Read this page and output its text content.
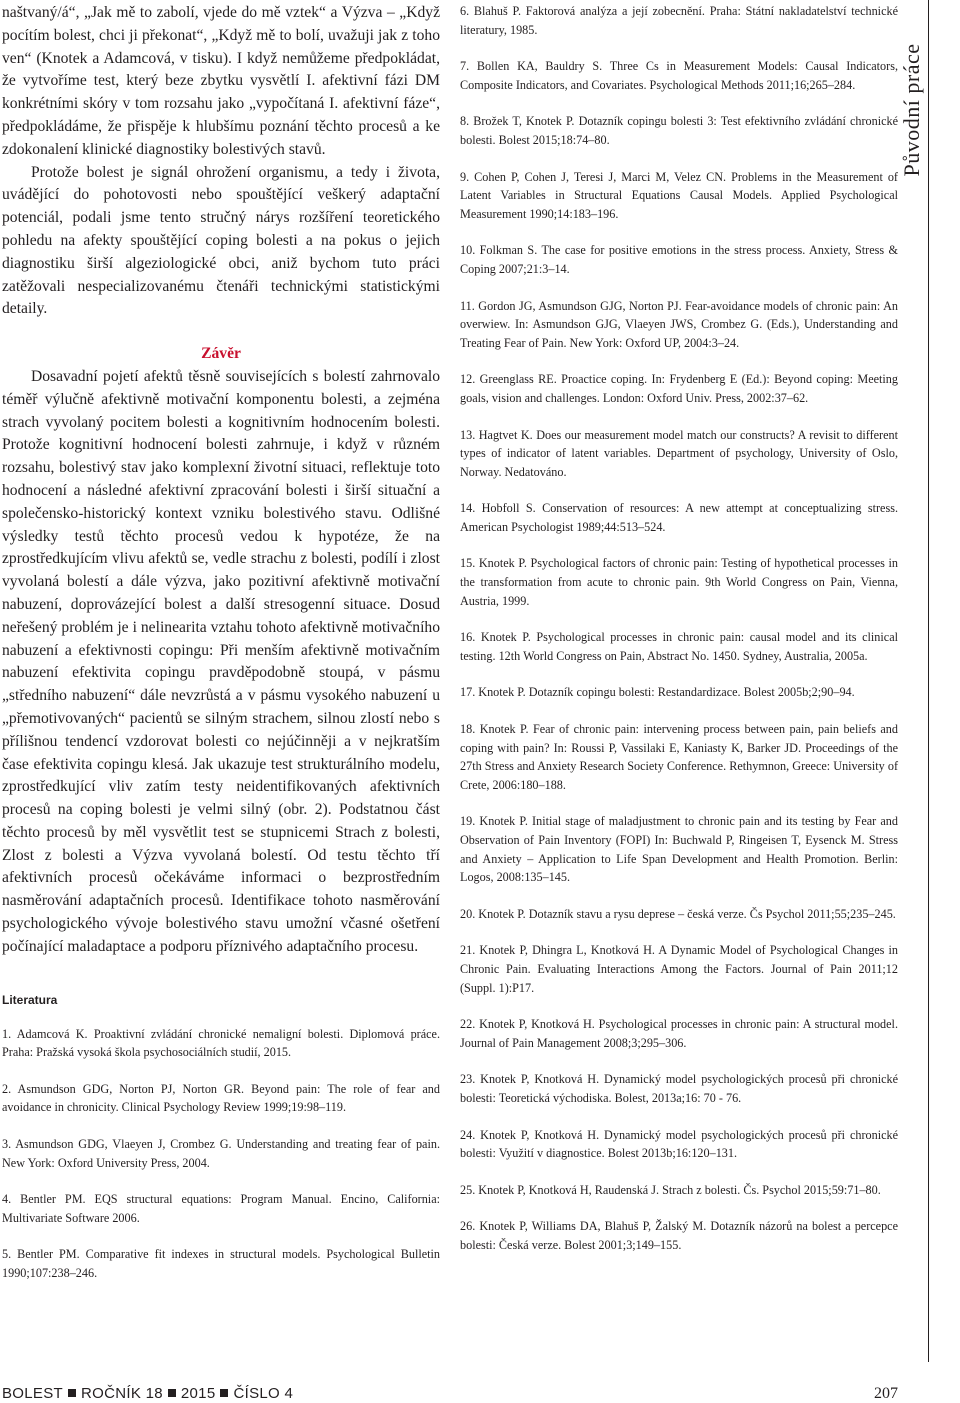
naštvaný/á“, „Jak mě to zabolí, vjede do mě vztek“ a Výzva – „Když pocítím bolest, chci ji překonat“, „Když mě to bolí, uvažuji jak z toho ven“ (Knotek a Adamcová, v tisku). I když nemůžeme předpokládat, že vytvoříme test, který beze zbytku vysvětlí I. afektivní fázi DM konkrétními skóry v tom rozsahu jako „vypočítaná I. afektivní fáze“, předpokládáme, že přispěje k hlubšímu poznání těchto procesů a ke zdokonalení klinické diagnostiky bolestivých stavů.

Protože bolest je signál ohrožení organismu, a tedy i života, uvádějící do pohotovosti nebo spouštějící veškerý adaptační potenciál, podali jsme tento stručný nárys rozšíření teoretického pohledu na afekty spouštějící coping bolesti a na pokus o jejich diagnostiku širší algeziologické obci, aniž bychom tuto práci zatěžovali nespecializovanému čtenáři technickými statistickými detaily.

Závěr

Dosavadní pojetí afektů těsně souvisejících s bolestí zahrnovalo téměř výlučně afektivně motivační komponentu bolesti, a zejména strach vyvolaný pocitem bolesti a kognitivním hodnocením bolesti. Protože kognitivní hodnocení bolesti zahrnuje, i když v různém rozsahu, bolestivý stav jako komplexní životní situaci, reflektuje toto hodnocení a následné afektivní zpracování bolesti i širší situační a společensko-historický kontext vzniku bolestivého stavu. Odlišné výsledky testů těchto procesů vedou k hypotéze, že na zprostředkujícím vlivu afektů se, vedle strachu z bolesti, podílí i zlost vyvolaná bolestí a dále výzva, jako pozitivní afektivně motivační nabuzení, doprovázející bolest a další stresogenní situace. Dosud neřešený problém je i nelinearita vztahu tohoto afektivně motivačního nabuzení a efektivnosti copingu: Při menším afektivně motivačním nabuzení efektivita copingu pravděpodobně stoupá, v pásmu „středního nabuzení“ dále nevzrůstá a v pásmu vysokého nabuzení u „přemotivovaných“ pacientů se silným strachem, silnou zlostí nebo s přílišnou tendencí vzdorovat bolesti co nejúčinněji a v nejkratším čase efektivita copingu klesá. Jak ukazuje test strukturálního modelu, zprostředkující vliv zatím testy neidentifikovaných afektivních procesů na coping bolesti je velmi silný (obr. 2). Podstatnou část těchto procesů by měl vysvětlit test se stupnicemi Strach z bolesti, Zlost z bolesti a Výzva vyvolaná bolestí. Od testu těchto tří afektivních procesů očekáváme informaci o bezprostředním nasměrování adaptačních procesů. Identifikace tohoto nasměrování psychologického vývoje bolestivého stavu umožní včasné ošetření počínající maladaptace a podporu příznivého adaptačního procesu.

Literatura

1. Adamcová K. Proaktivní zvládání chronické nemaligní bolesti. Diplomová práce. Praha: Pražská vysoká škola psychosociálních studií, 2015.

2. Asmundson GDG, Norton PJ, Norton GR. Beyond pain: The role of fear and avoidance in chronicity. Clinical Psychology Review 1999;19:98–119.

3. Asmundson GDG, Vlaeyen J, Crombez G. Understanding and treating fear of pain. New York: Oxford University Press, 2004.

4. Bentler PM. EQS structural equations: Program Manual. Encino, California: Multivariate Software 2006.

5. Bentler PM. Comparative fit indexes in structural models. Psychological Bulletin 1990;107:238–246.

6. Blahuš P. Faktorová analýza a její zobecnění. Praha: Státní nakladatelství technické literatury, 1985.

7. Bollen KA, Bauldry S. Three Cs in Measurement Models: Causal Indicators, Composite Indicators, and Covariates. Psychological Methods 2011;16;265–284.

8. Brožek T, Knotek P. Dotazník copingu bolesti 3: Test efektivního zvládání chronické bolesti. Bolest 2015;18:74–80.

9. Cohen P, Cohen J, Teresi J, Marci M, Velez CN. Problems in the Measurement of Latent Variables in Structural Equations Causal Models. Applied Psychological Measurement 1990;14:183–196.

10. Folkman S. The case for positive emotions in the stress process. Anxiety, Stress & Coping 2007;21:3–14.

11. Gordon JG, Asmundson GJG, Norton PJ. Fear-avoidance models of chronic pain: An overwiew. In: Asmundson GJG, Vlaeyen JWS, Crombez G. (Eds.), Understanding and Treating Fear of Pain. New York: Oxford UP, 2004:3–24.

12. Greenglass RE. Proactice coping. In: Frydenberg E (Ed.): Beyond coping: Meeting goals, vision and challenges. London: Oxford Univ. Press, 2002:37–62.

13. Hagtvet K. Does our measurement model match our constructs? A revisit to different types of indicator of latent variables. Department of psychology, University of Oslo, Norway. Nedatováno.

14. Hobfoll S. Conservation of resources: A new attempt at conceptualizing stress. American Psychologist 1989;44:513–524.

15. Knotek P. Psychological factors of chronic pain: Testing of hypothetical processes in the transformation from acute to chronic pain. 9th World Congress on Pain, Vienna, Austria, 1999.

16. Knotek P. Psychological processes in chronic pain: causal model and its clinical testing. 12th World Congress on Pain, Abstract No. 1450. Sydney, Australia, 2005a.

17. Knotek P. Dotazník copingu bolesti: Restandardizace. Bolest 2005b;2;90–94.

18. Knotek P. Fear of chronic pain: intervening process between pain, pain beliefs and coping with pain? In: Roussi P, Vassilaki E, Kaniasty K, Barker JD. Proceedings of the 27th Stress and Anxiety Research Society Conference. Rethymnon, Greece: University of Crete, 2006:180–188.

19. Knotek P. Initial stage of maladjustment to chronic pain and its testing by Fear and Observation of Pain Inventory (FOPI) In: Buchwald P, Ringeisen T, Eysenck M. Stress and Anxiety – Application to Life Span Development and Health Promotion. Berlin: Logos, 2008:135–145.

20. Knotek P. Dotazník stavu a rysu deprese – česká verze. Čs Psychol 2011;55;235–245.

21. Knotek P, Dhingra L, Knotková H. A Dynamic Model of Psychological Changes in Chronic Pain. Evaluating Interactions Among the Factors. Journal of Pain 2011;12 (Suppl. 1):P17.

22. Knotek P, Knotková H. Psychological processes in chronic pain: A structural model. Journal of Pain Management 2008;3;295–306.

23. Knotek P, Knotková H. Dynamický model psychologických procesů při chronické bolesti: Teoretická východiska. Bolest, 2013a;16: 70 - 76.

24. Knotek P, Knotková H. Dynamický model psychologických procesů při chronické bolesti: Využití v diagnostice. Bolest 2013b;16:120–131.

25. Knotek P, Knotková H, Raudenská J. Strach z bolesti. Čs. Psychol 2015;59:71–80.

26. Knotek P, Williams DA, Blahuš P, Žalský M. Dotazník názorů na bolest a percepce bolesti: Česká verze. Bolest 2001;3;149–155.

Původní práce
BOLEST ROČNÍK 18 2015 ČÍSLO 4	207
